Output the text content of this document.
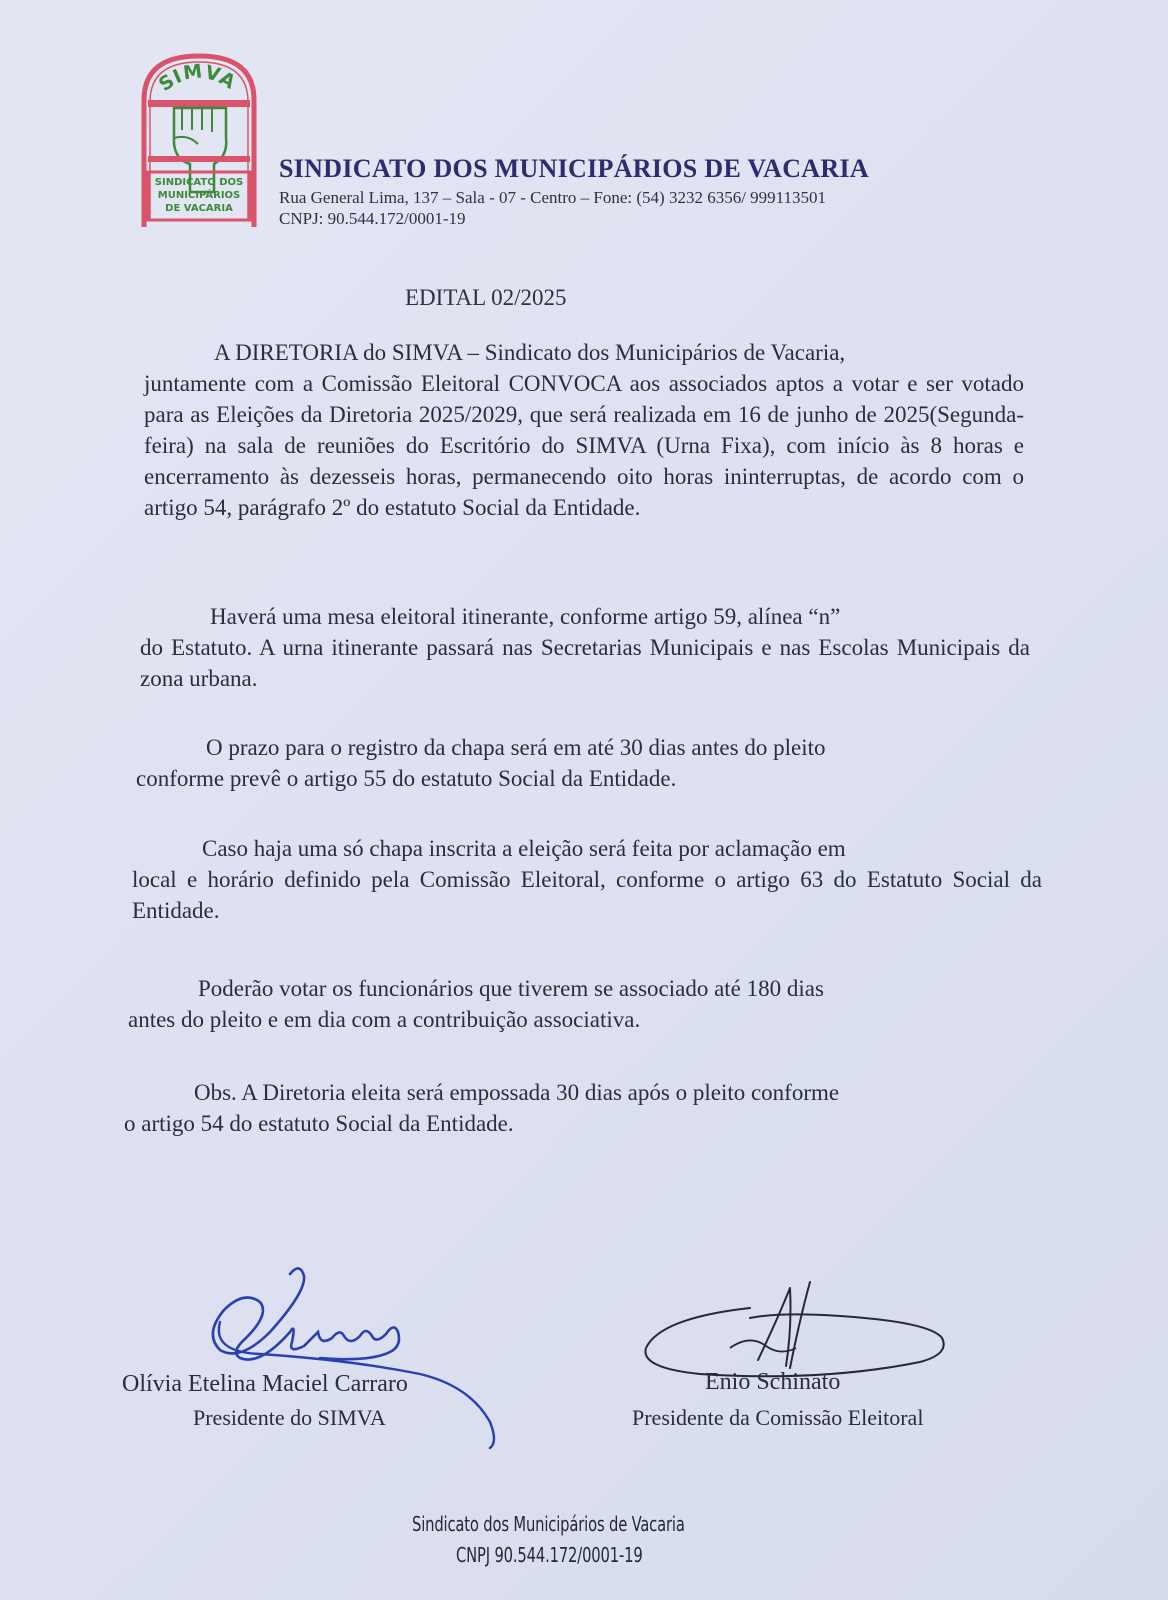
SIMVA
SINDICATO DOS
MUNICIPÁRIOS
DE VACARIA
SINDICATO DOS MUNICIPÁRIOS DE VACARIA
Rua General Lima, 137 – Sala - 07 - Centro – Fone: (54) 3232 6356/ 999113501
CNPJ: 90.544.172/0001-19
EDITAL 02/2025
A DIRETORIA do SIMVA – Sindicato dos Municipários de Vacaria,
juntamente com a Comissão Eleitoral CONVOCA aos associados aptos a votar e ser votado para as Eleições da Diretoria 2025/2029, que será realizada em 16 de junho de 2025(Segunda-feira) na sala de reuniões do Escritório do SIMVA (Urna Fixa), com início às 8 horas e encerramento às dezesseis horas, permanecendo oito horas ininterruptas, de acordo com o artigo 54, parágrafo 2º do estatuto Social da Entidade.
Haverá uma mesa eleitoral itinerante, conforme artigo 59, alínea “n”
do Estatuto. A urna itinerante passará nas Secretarias Municipais e nas Escolas Municipais da zona urbana.
O prazo para o registro da chapa será em até 30 dias antes do pleito
conforme prevê o artigo 55 do estatuto Social da Entidade.
Caso haja uma só chapa inscrita a eleição será feita por aclamação em
local e horário definido pela Comissão Eleitoral, conforme o artigo 63 do Estatuto Social da Entidade.
Poderão votar os funcionários que tiverem se associado até 180 dias
antes do pleito e em dia com a contribuição associativa.
Obs. A Diretoria eleita será empossada 30 dias após o pleito conforme
o artigo 54 do estatuto Social da Entidade.
Olívia Etelina Maciel Carraro
Presidente do SIMVA
Enio Schinato
Presidente da Comissão Eleitoral
Sindicato dos Municipários de Vacaria
CNPJ 90.544.172/0001-19
